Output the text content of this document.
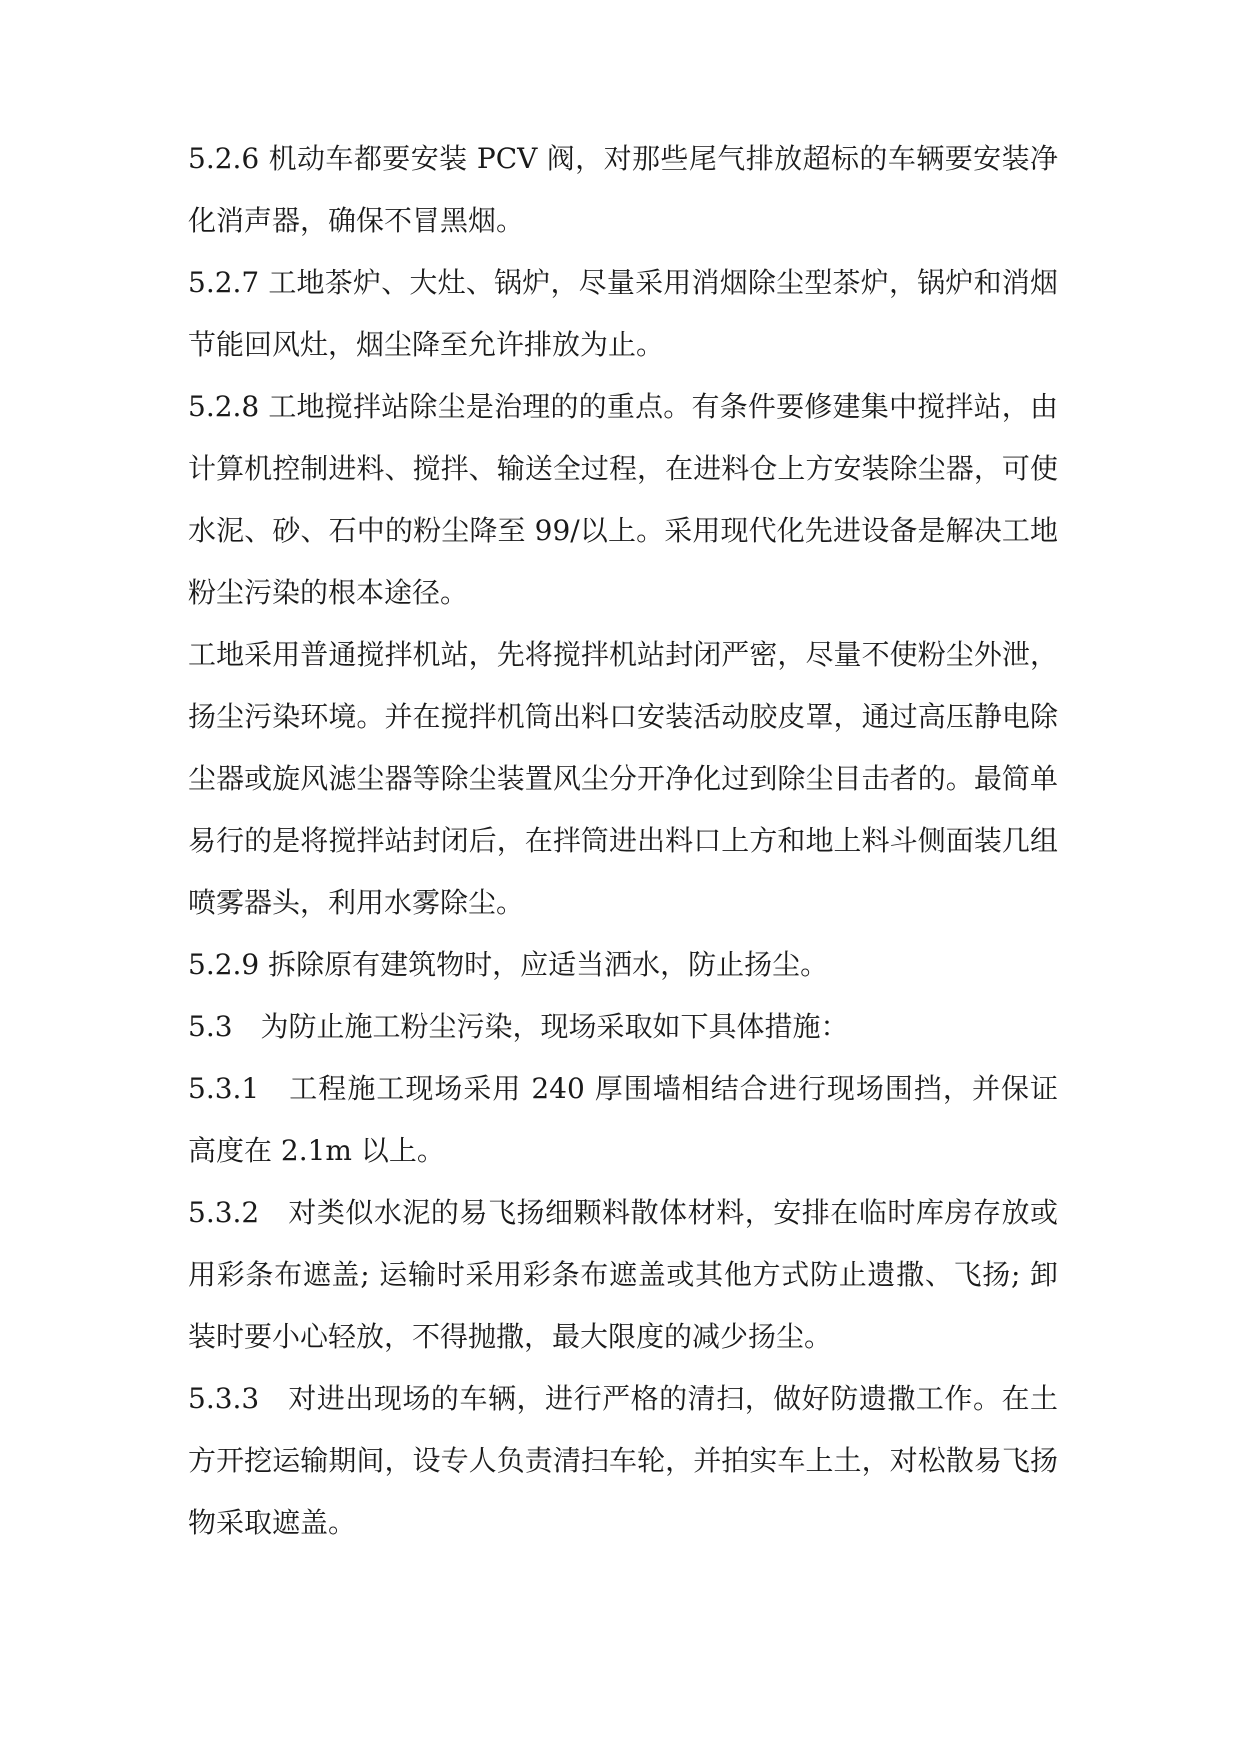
5.2.6 机动车都要安装 PCV 阀，对那些尾气排放超标的车辆要安装净化消声器，确保不冒黑烟。

5.2.7 工地茶炉、大灶、锅炉，尽量采用消烟除尘型茶炉，锅炉和消烟节能回风灶，烟尘降至允许排放为止。

5.2.8 工地搅拌站除尘是治理的的重点。有条件要修建集中搅拌站，由计算机控制进料、搅拌、输送全过程，在进料仓上方安装除尘器，可使水泥、砂、石中的粉尘降至 99/以上。采用现代化先进设备是解决工地粉尘污染的根本途径。

工地采用普通搅拌机站，先将搅拌机站封闭严密，尽量不使粉尘外泄，扬尘污染环境。并在搅拌机筒出料口安装活动胶皮罩，通过高压静电除尘器或旋风滤尘器等除尘装置风尘分开净化过到除尘目击者的。最简单易行的是将搅拌站封闭后，在拌筒进出料口上方和地上料斗侧面装几组喷雾器头，利用水雾除尘。

5.2.9 拆除原有建筑物时，应适当洒水，防止扬尘。

5.3　为防止施工粉尘污染，现场采取如下具体措施：

5.3.1　工程施工现场采用 240 厚围墙相结合进行现场围挡，并保证高度在 2.1m 以上。

5.3.2　对类似水泥的易飞扬细颗料散体材料，安排在临时库房存放或用彩条布遮盖; 运输时采用彩条布遮盖或其他方式防止遗撒、飞扬; 卸装时要小心轻放，不得抛撒，最大限度的减少扬尘。

5.3.3　对进出现场的车辆，进行严格的清扫，做好防遗撒工作。在土方开挖运输期间，设专人负责清扫车轮，并拍实车上土，对松散易飞扬物采取遮盖。
